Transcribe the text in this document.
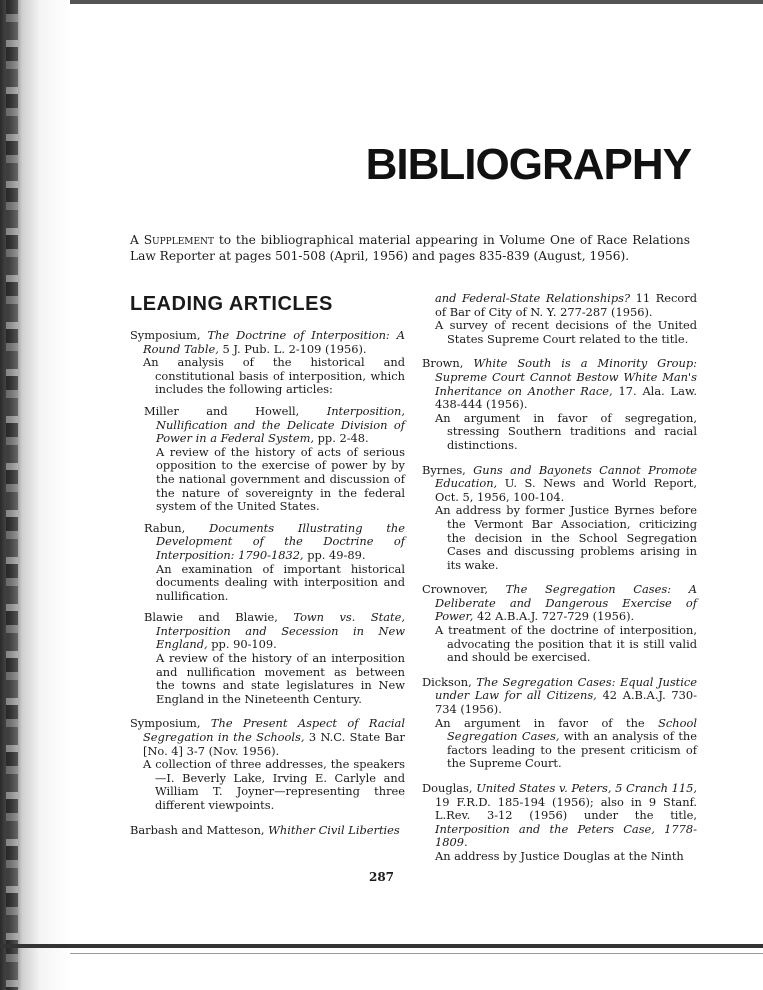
BIBLIOGRAPHY
A Supplement to the bibliographical material appearing in Volume One of Race Relations Law Reporter at pages 501-508 (April, 1956) and pages 835-839 (August, 1956).
LEADING ARTICLES

Symposium, The Doctrine of Interposition: A Round Table, 5 J. Pub. L. 2-109 (1956).

An analysis of the historical and constitutional basis of interposition, which includes the following articles:

Miller and Howell, Interposition, Nullification and the Delicate Division of Power in a Federal System, pp. 2-48.

A review of the history of acts of serious opposition to the exercise of power by by the national government and discussion of the nature of sovereignty in the federal system of the United States.

Rabun, Documents Illustrating the Development of the Doctrine of Interposition: 1790-1832, pp. 49-89.

An examination of important historical documents dealing with interposition and nullification.

Blawie and Blawie, Town vs. State, Interposition and Secession in New England, pp. 90-109.

A review of the history of an interposition and nullification movement as between the towns and state legislatures in New England in the Nineteenth Century.

Symposium, The Present Aspect of Racial Segregation in the Schools, 3 N.C. State Bar [No. 4] 3-7 (Nov. 1956).

A collection of three addresses, the speakers—I. Beverly Lake, Irving E. Carlyle and William T. Joyner—representing three different viewpoints.

Barbash and Matteson, Whither Civil Liberties

and Federal-State Relationships? 11 Record of Bar of City of N. Y. 277-287 (1956).

A survey of recent decisions of the United States Supreme Court related to the title.

Brown, White South is a Minority Group: Supreme Court Cannot Bestow White Man's Inheritance on Another Race, 17. Ala. Law. 438-444 (1956).

An argument in favor of segregation, stressing Southern traditions and racial distinctions.

Byrnes, Guns and Bayonets Cannot Promote Education, U. S. News and World Report, Oct. 5, 1956, 100-104.

An address by former Justice Byrnes before the Vermont Bar Association, criticizing the decision in the School Segregation Cases and discussing problems arising in its wake.

Crownover, The Segregation Cases: A Deliberate and Dangerous Exercise of Power, 42 A.B.A.J. 727-729 (1956).

A treatment of the doctrine of interposition, advocating the position that it is still valid and should be exercised.

Dickson, The Segregation Cases: Equal Justice under Law for all Citizens, 42 A.B.A.J. 730-734 (1956).

An argument in favor of the School Segregation Cases, with an analysis of the factors leading to the present criticism of the Supreme Court.

Douglas, United States v. Peters, 5 Cranch 115, 19 F.R.D. 185-194 (1956); also in 9 Stanf. L.Rev. 3-12 (1956) under the title, Interposition and the Peters Case, 1778-1809.

An address by Justice Douglas at the Ninth

287
